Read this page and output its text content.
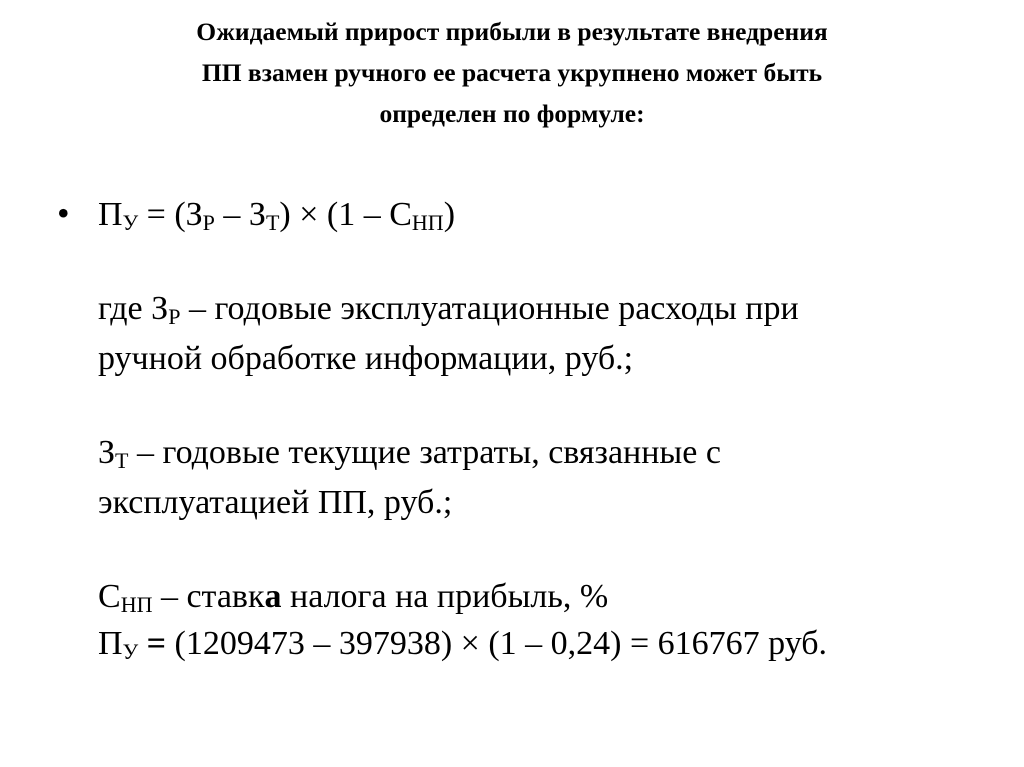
Ожидаемый прирост прибыли в результате внедрения
ПП взамен ручного ее расчета укрупнено может быть
определен по формуле:
• ПУ = (ЗР – ЗТ) × (1 – СНП)
где ЗР – годовые эксплуатационные расходы при
ручной обработке информации, руб.;
ЗТ – годовые текущие затраты, связанные с
эксплуатацией ПП, руб.;
СНП – ставка налога на прибыль, %
ПУ = (1209473 – 397938) × (1 – 0,24) = 616767 руб.
